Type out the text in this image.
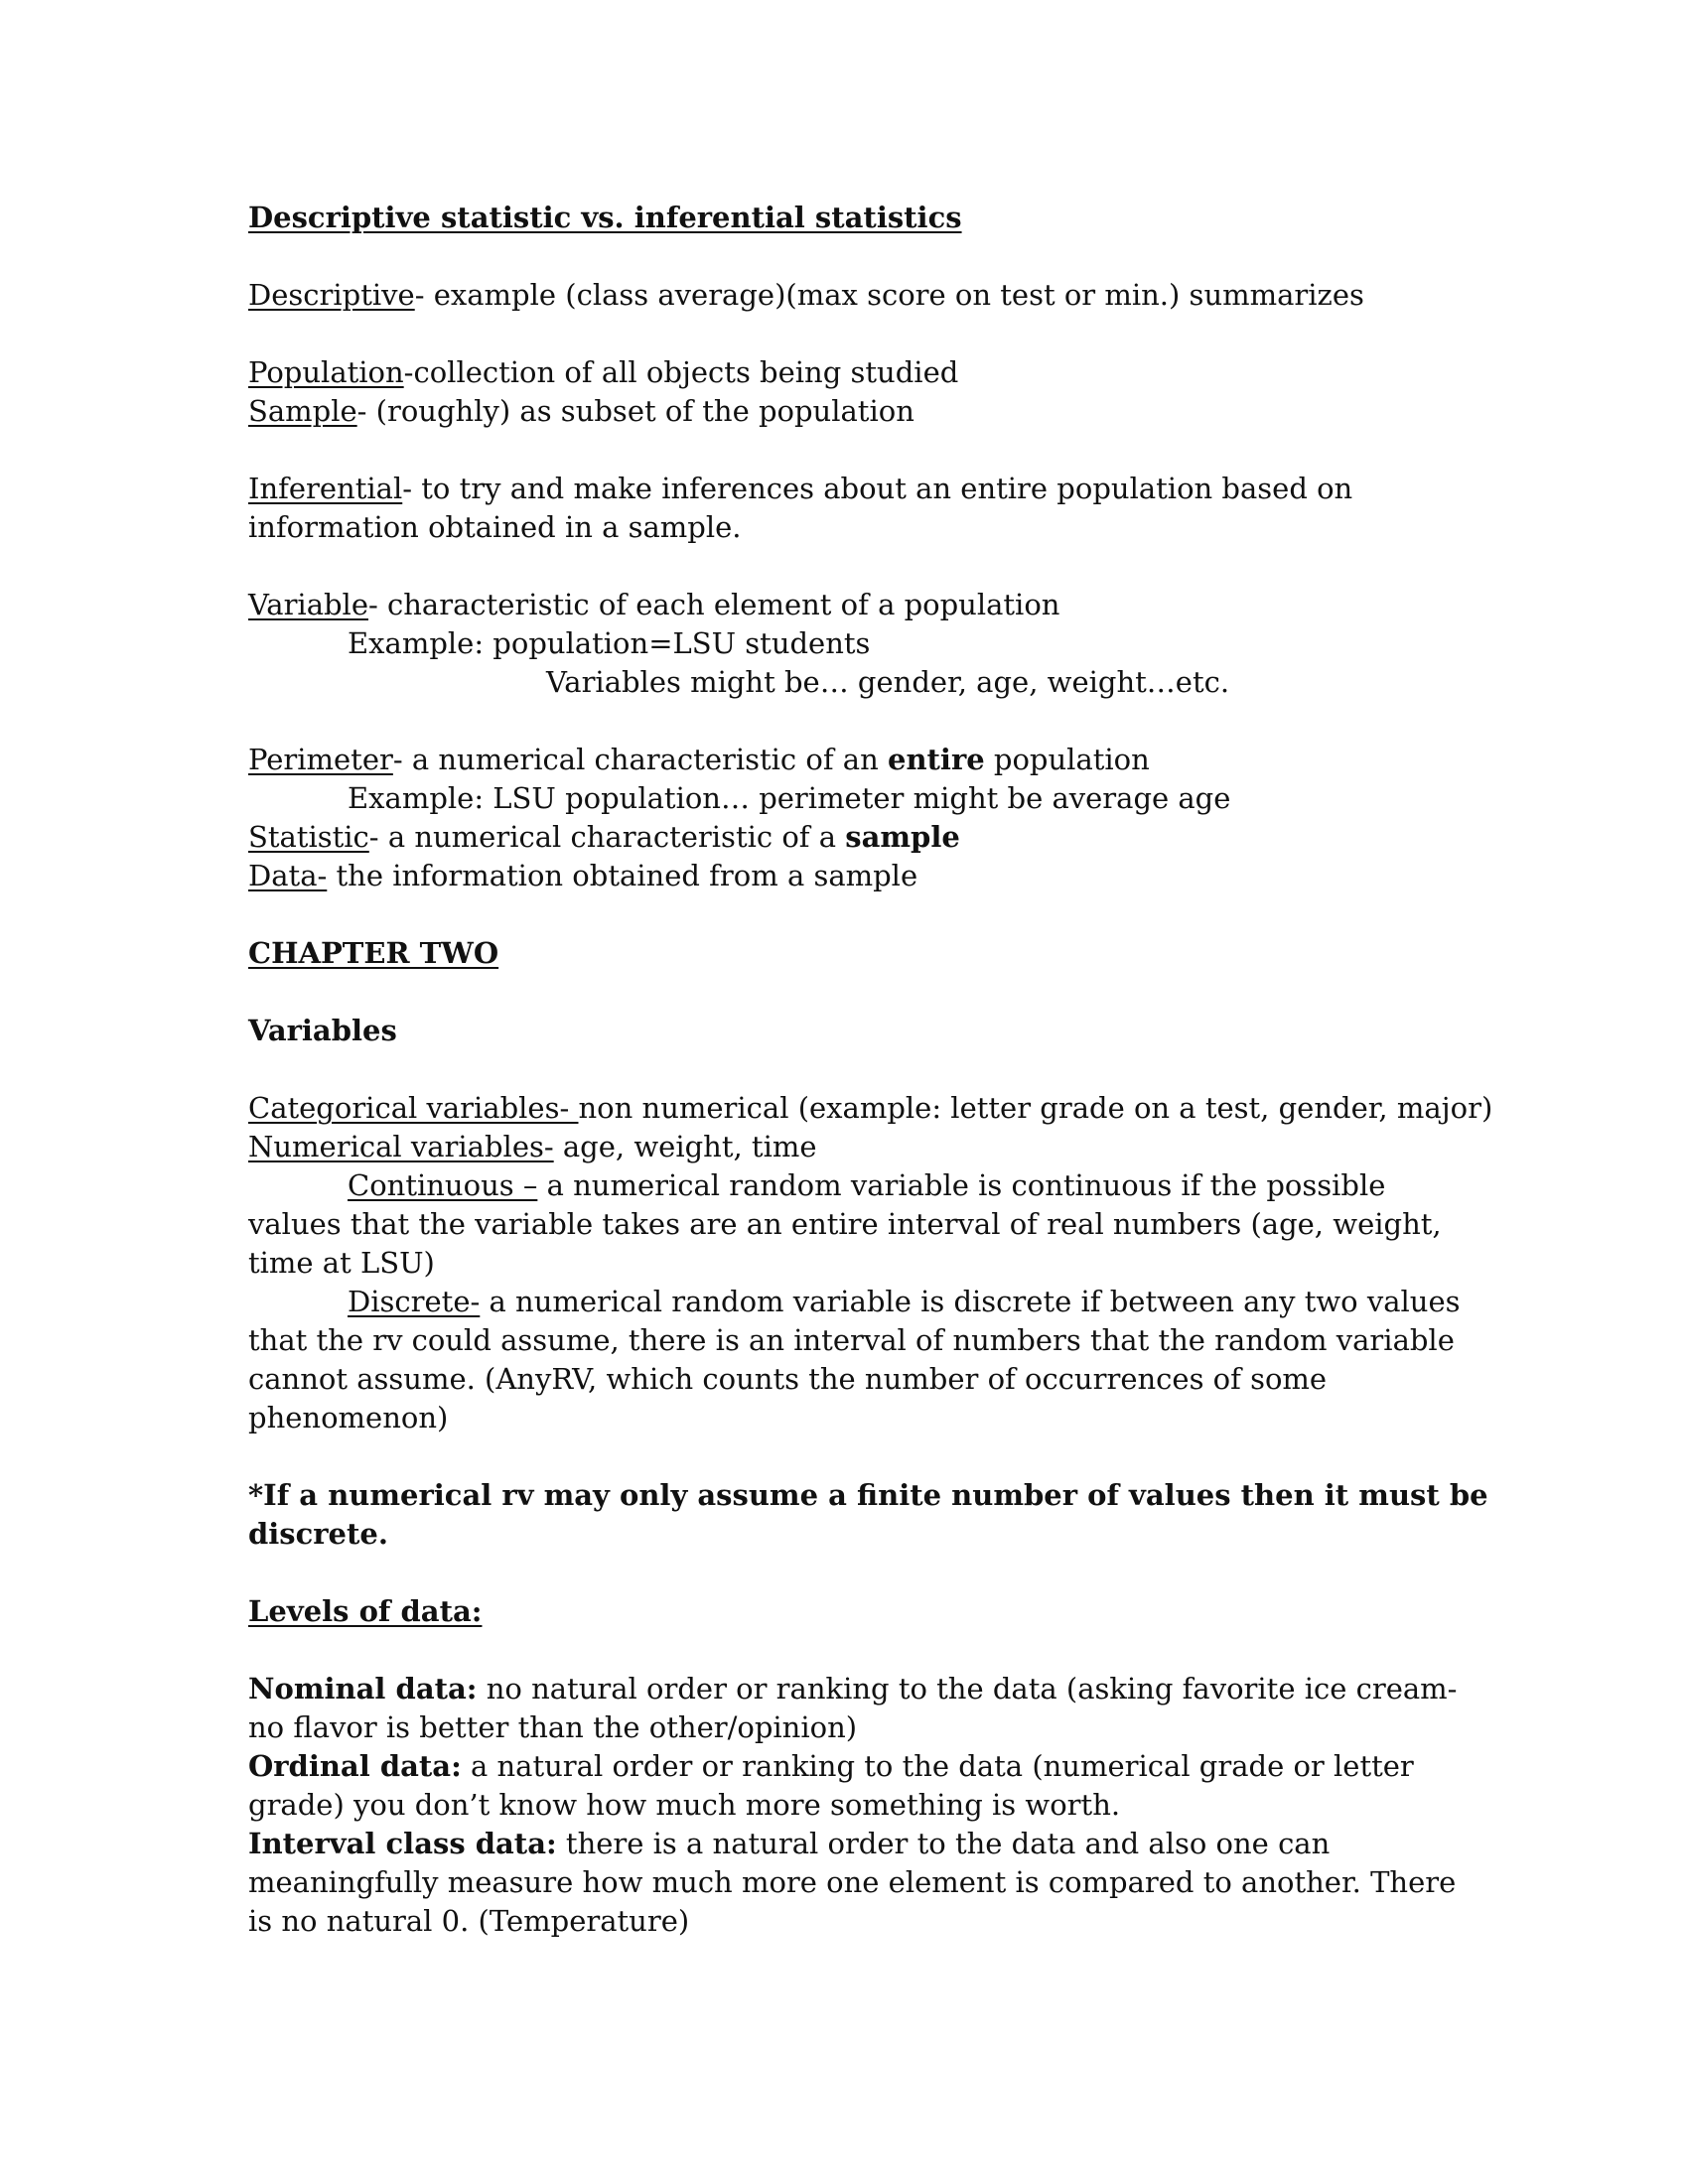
Descriptive statistic vs. inferential statistics
Descriptive- example (class average)(max score on test or min.) summarizes
Population-collection of all objects being studied
Sample- (roughly) as subset of the population
Inferential- to try and make inferences about an entire population based on
information obtained in a sample.
Variable- characteristic of each element of a population
Example: population=LSU students
Variables might be… gender, age, weight…etc.
Perimeter- a numerical characteristic of an entire population
Example: LSU population… perimeter might be average age
Statistic- a numerical characteristic of a sample
Data- the information obtained from a sample
CHAPTER TWO
Variables
Categorical variables- non numerical (example: letter grade on a test, gender, major)
Numerical variables- age, weight, time
Continuous – a numerical random variable is continuous if the possible
values that the variable takes are an entire interval of real numbers (age, weight,
time at LSU)
Discrete- a numerical random variable is discrete if between any two values
that the rv could assume, there is an interval of numbers that the random variable
cannot assume. (AnyRV, which counts the number of occurrences of some
phenomenon)
*If a numerical rv may only assume a finite number of values then it must be
discrete.
Levels of data:
Nominal data: no natural order or ranking to the data (asking favorite ice cream-
no flavor is better than the other/opinion)
Ordinal data: a natural order or ranking to the data (numerical grade or letter
grade) you don’t know how much more something is worth.
Interval class data: there is a natural order to the data and also one can
meaningfully measure how much more one element is compared to another. There
is no natural 0. (Temperature)
